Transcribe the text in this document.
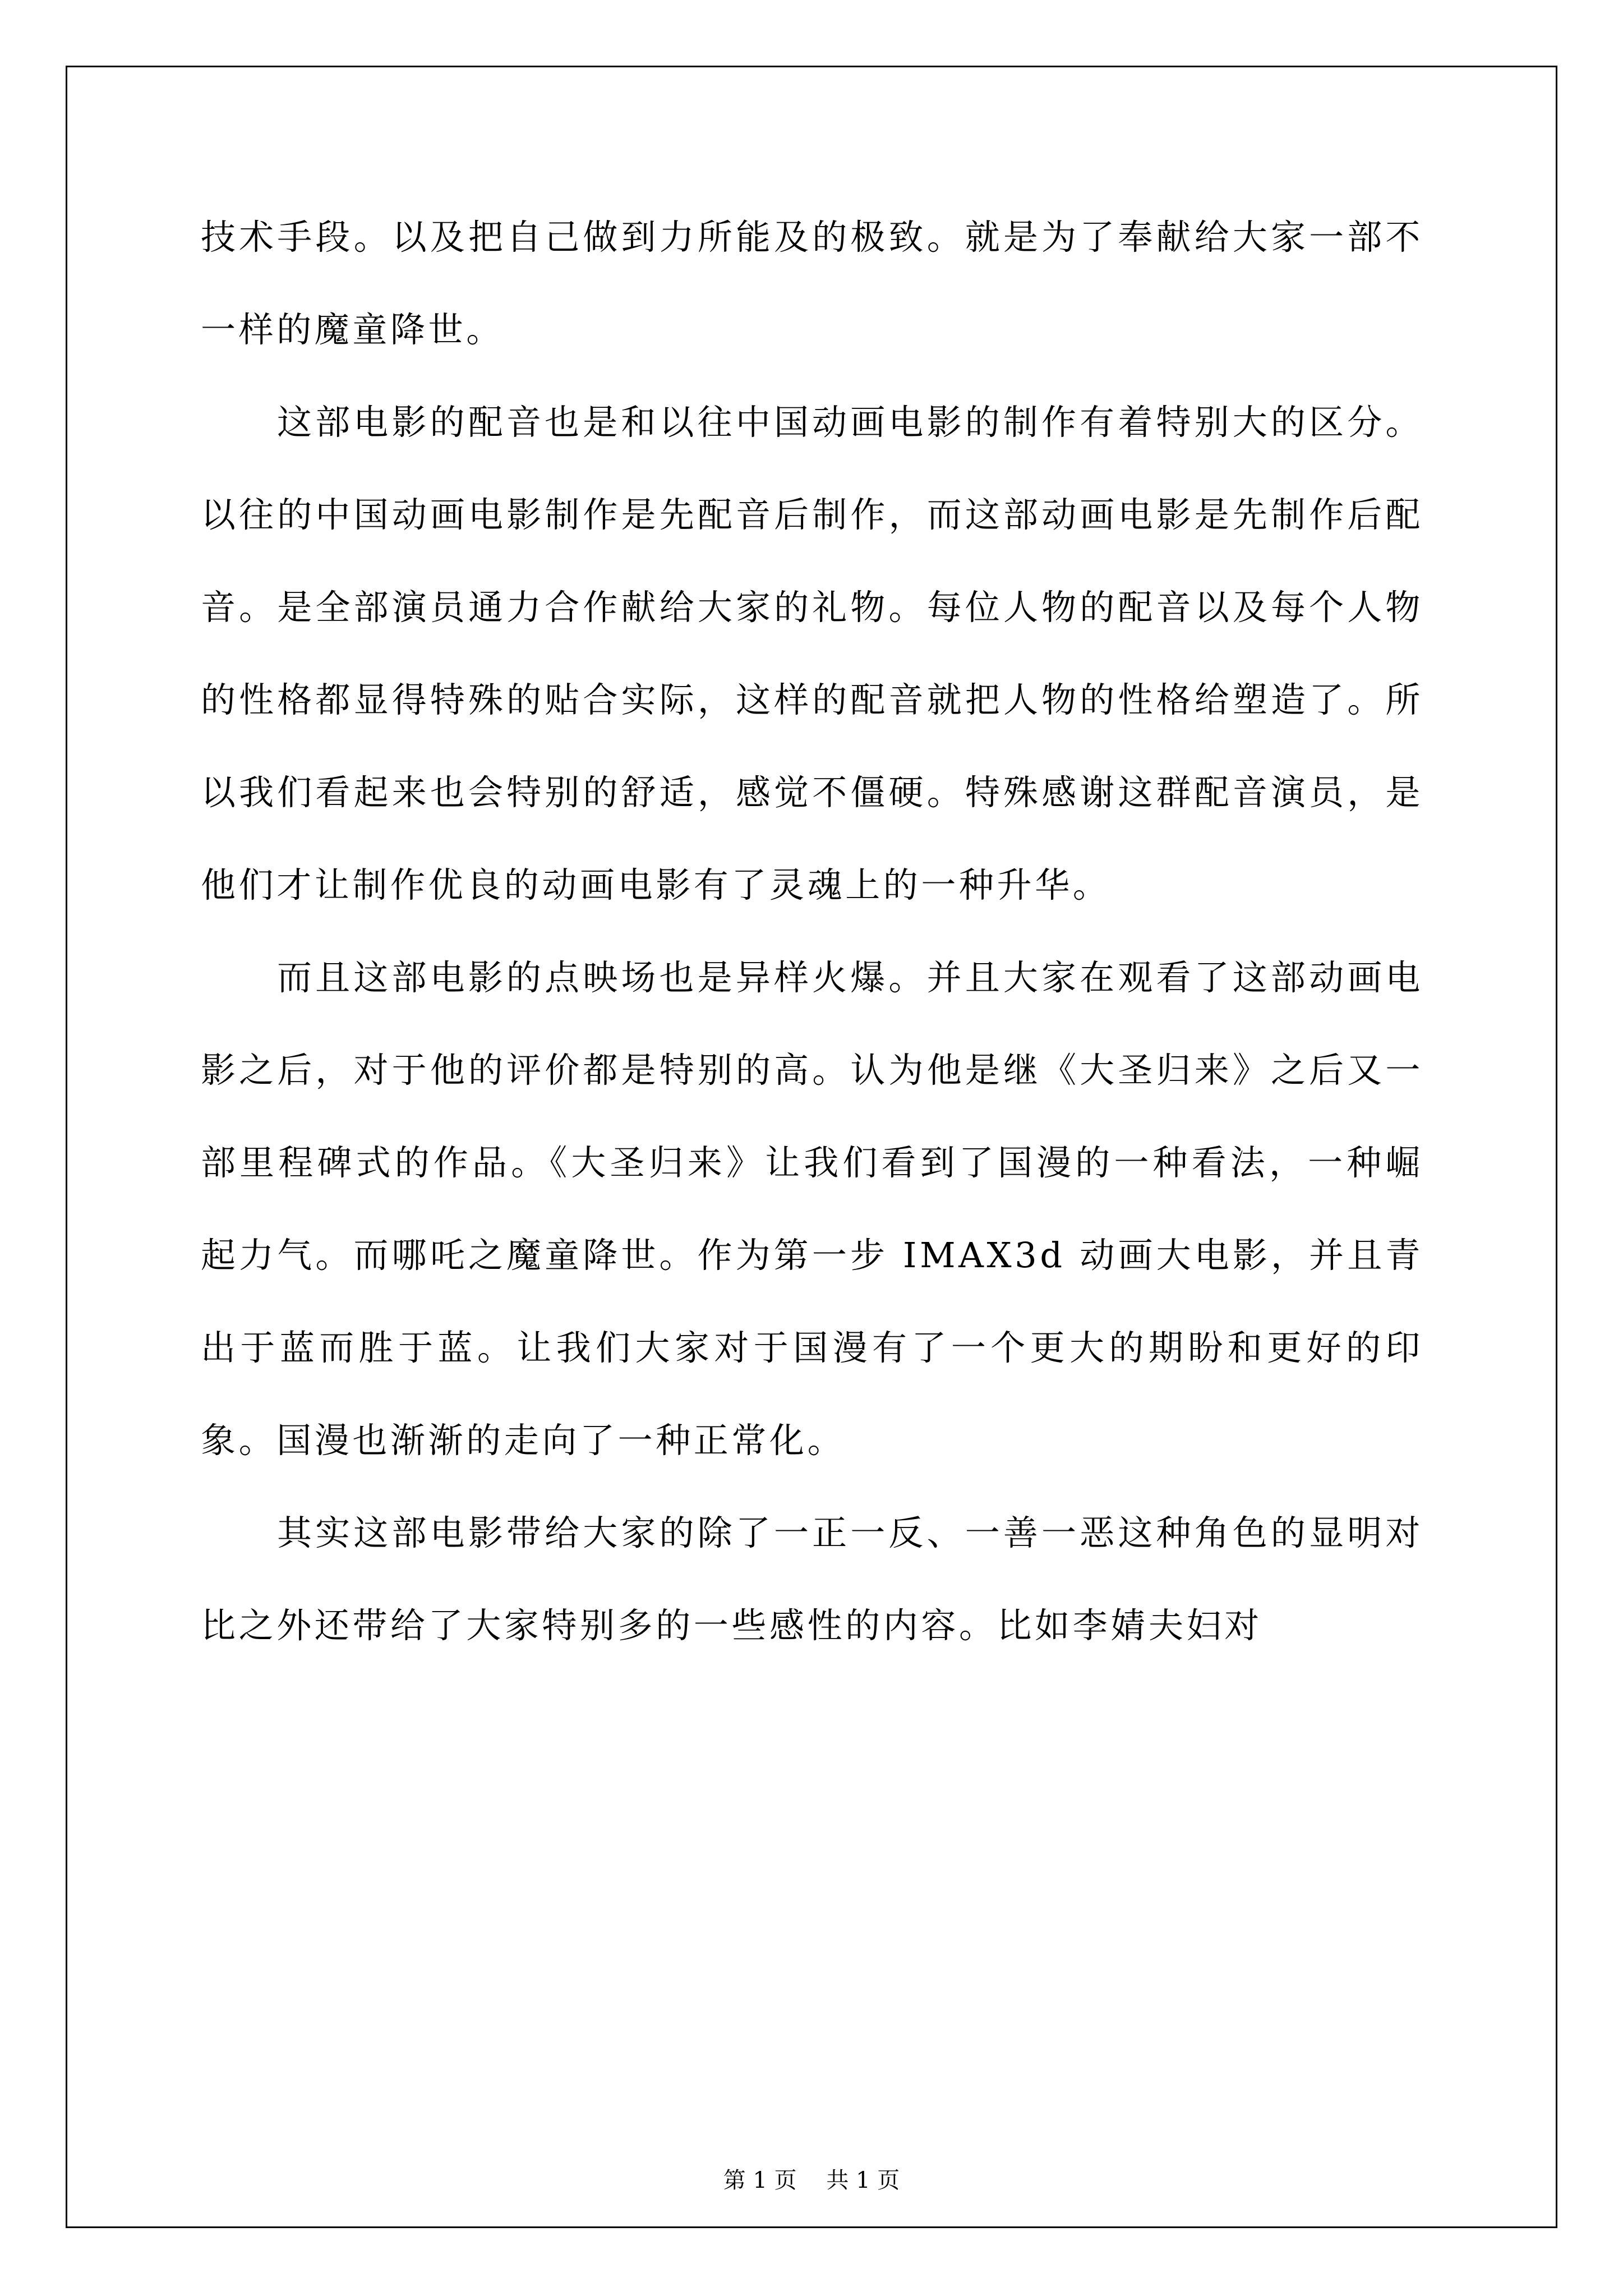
技术手段。以及把自己做到力所能及的极致。就是为了奉献给大家一部不一样的魔童降世。

这部电影的配音也是和以往中国动画电影的制作有着特别大的区分。以往的中国动画电影制作是先配音后制作，而这部动画电影是先制作后配音。是全部演员通力合作献给大家的礼物。每位人物的配音以及每个人物的性格都显得特殊的贴合实际，这样的配音就把人物的性格给塑造了。所以我们看起来也会特别的舒适，感觉不僵硬。特殊感谢这群配音演员，是他们才让制作优良的动画电影有了灵魂上的一种升华。

而且这部电影的点映场也是异样火爆。并且大家在观看了这部动画电影之后，对于他的评价都是特别的高。认为他是继《大圣归来》之后又一部里程碑式的作品。《大圣归来》让我们看到了国漫的一种看法，一种崛起力气。而哪吒之魔童降世。作为第一步 IMAX3d 动画大电影，并且青出于蓝而胜于蓝。让我们大家对于国漫有了一个更大的期盼和更好的印象。国漫也渐渐的走向了一种正常化。

其实这部电影带给大家的除了一正一反、一善一恶这种角色的显明对比之外还带给了大家特别多的一些感性的内容。比如李婧夫妇对

第 1 页 共 1 页
